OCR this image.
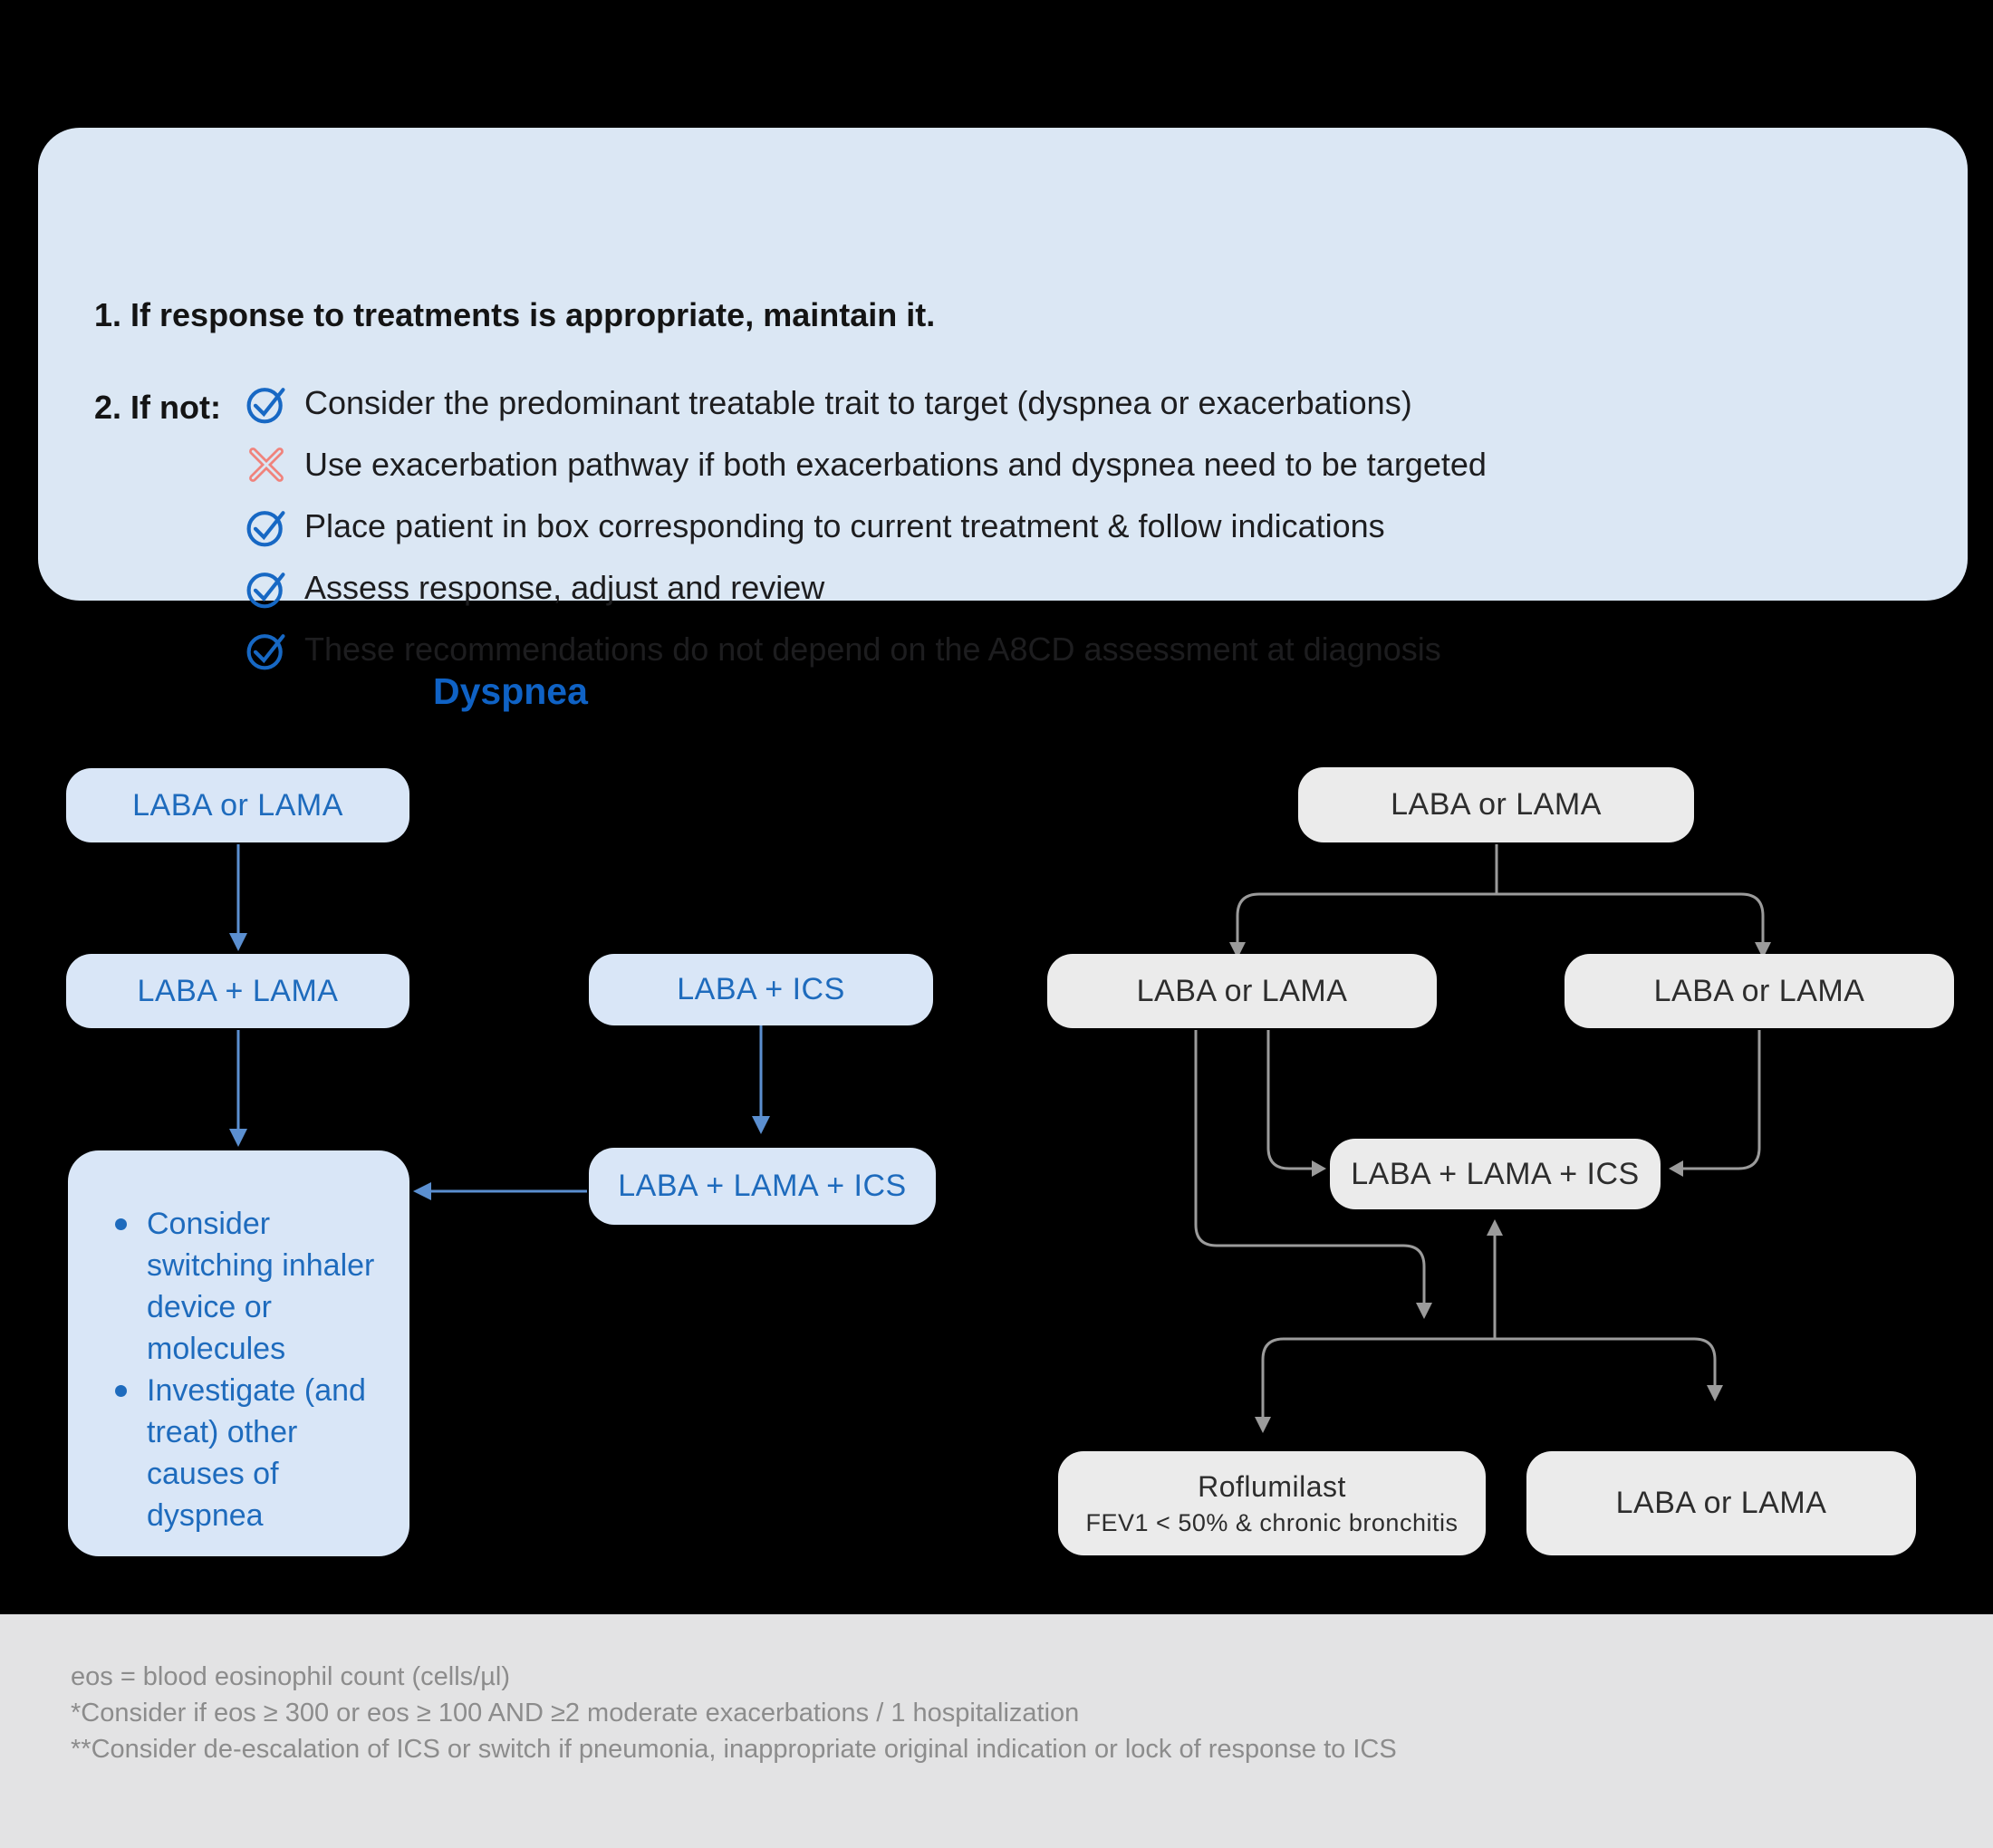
1. If response to treatments is appropriate, maintain it.
2. If not:	Consider the predominant treatable trait to target (dyspnea or exacerbations)
Use exacerbation pathway if both exacerbations and dyspnea need to be targeted
Place patient in box corresponding to current treatment & follow indications
Assess response, adjust and review
These recommendations do not depend on the A8CD assessment at diagnosis
Dyspnea
LABA or LAMA
LABA + LAMA	LABA + ICS
LABA + LAMA + ICS
Consider switching inhaler device or molecules
Investigate (and treat) other causes of dyspnea
LABA or LAMA
LABA or LAMA	LABA or LAMA
LABA + LAMA + ICS
Roflumilast
FEV1 < 50% & chronic bronchitis
LABA or LAMA
eos = blood eosinophil count (cells/µl)
*Consider if eos ≥ 300 or eos ≥ 100 AND ≥2 moderate exacerbations / 1 hospitalization
**Consider de-escalation of ICS or switch if pneumonia, inappropriate original indication or lock of response to ICS
